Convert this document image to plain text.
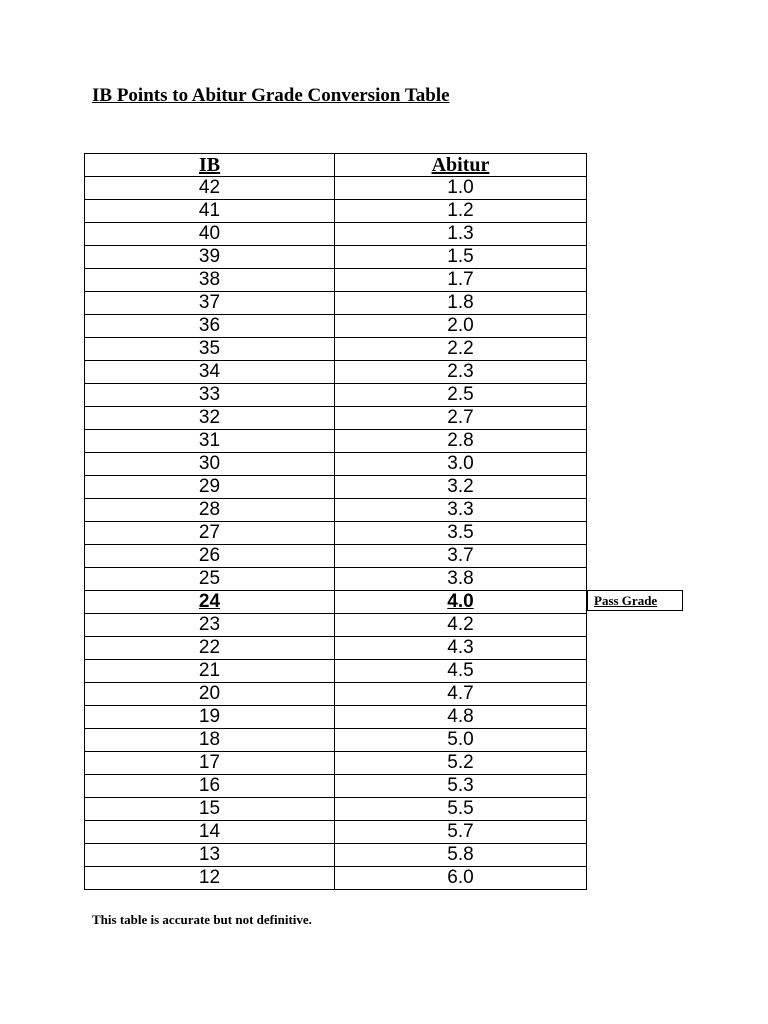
IB Points to Abitur Grade Conversion Table
IB	Abitur
42	1.0
41	1.2
40	1.3
39	1.5
38	1.7
37	1.8
36	2.0
35	2.2
34	2.3
33	2.5
32	2.7
31	2.8
30	3.0
29	3.2
28	3.3
27	3.5
26	3.7
25	3.8
24	4.0
23	4.2
22	4.3
21	4.5
20	4.7
19	4.8
18	5.0
17	5.2
16	5.3
15	5.5
14	5.7
13	5.8
12	6.0
Pass Grade

This table is accurate but not definitive.
